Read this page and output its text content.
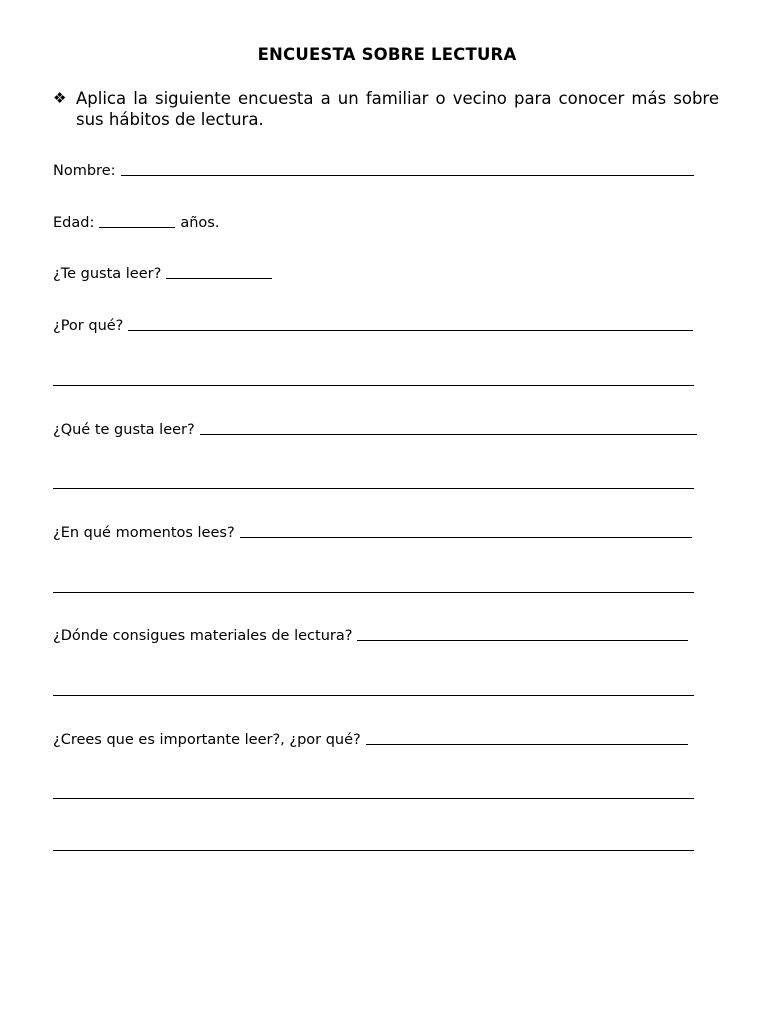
ENCUESTA SOBRE LECTURA
❖ Aplica la siguiente encuesta a un familiar o vecino para conocer más sobre sus hábitos de lectura.
Nombre:
Edad:	años.
¿Te gusta leer?
¿Por qué?
¿Qué te gusta leer?
¿En qué momentos lees?
¿Dónde consigues materiales de lectura?
¿Crees que es importante leer?, ¿por qué?
